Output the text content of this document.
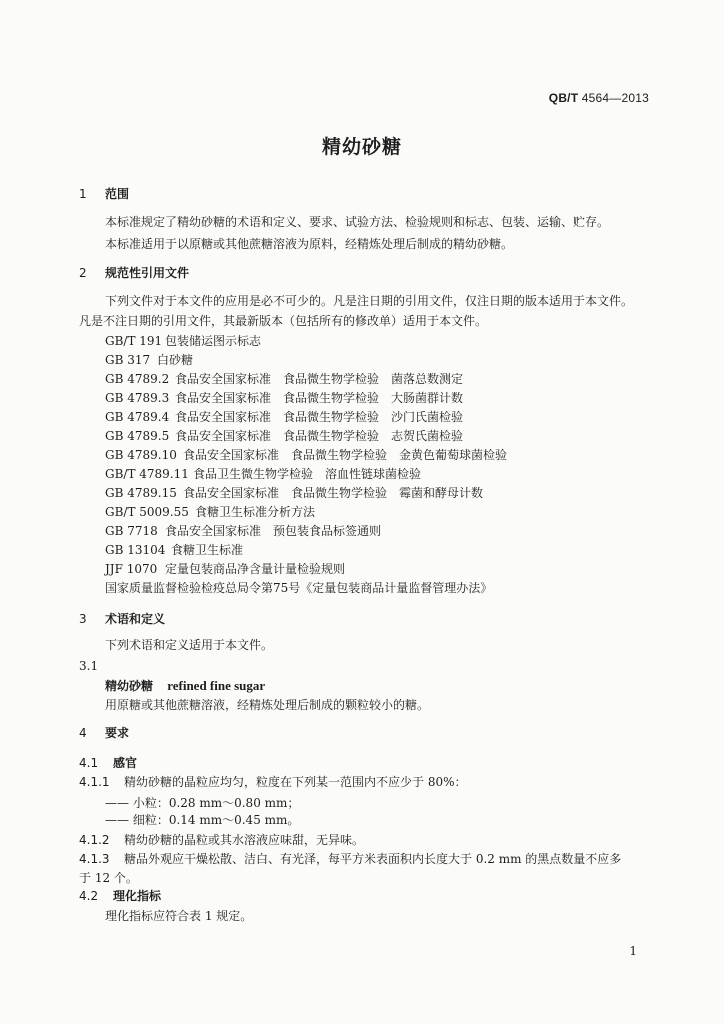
QB/T 4564—2013
精幼砂糖
1 范围
本标准规定了精幼砂糖的术语和定义、要求、试验方法、检验规则和标志、包装、运输、贮存。
本标准适用于以原糖或其他蔗糖溶液为原料，经精炼处理后制成的精幼砂糖。
2 规范性引用文件
下列文件对于本文件的应用是必不可少的。凡是注日期的引用文件，仅注日期的版本适用于本文件。
凡是不注日期的引用文件，其最新版本（包括所有的修改单）适用于本文件。
GB/T 191 包装储运图示标志
GB 317 白砂糖
GB 4789.2 食品安全国家标准　食品微生物学检验　菌落总数测定
GB 4789.3 食品安全国家标准　食品微生物学检验　大肠菌群计数
GB 4789.4 食品安全国家标准　食品微生物学检验　沙门氏菌检验
GB 4789.5 食品安全国家标准　食品微生物学检验　志贺氏菌检验
GB 4789.10 食品安全国家标准　食品微生物学检验　金黄色葡萄球菌检验
GB/T 4789.11 食品卫生微生物学检验　溶血性链球菌检验
GB 4789.15 食品安全国家标准　食品微生物学检验　霉菌和酵母计数
GB/T 5009.55 食糖卫生标准分析方法
GB 7718 食品安全国家标准　预包装食品标签通则
GB 13104 食糖卫生标准
JJF 1070 定量包装商品净含量计量检验规则
国家质量监督检验检疫总局令第75号《定量包装商品计量监督管理办法》
3 术语和定义
下列术语和定义适用于本文件。
3.1
精幼砂糖 refined fine sugar
用原糖或其他蔗糖溶液，经精炼处理后制成的颗粒较小的糖。
4 要求
4.1 感官
4.1.1 精幼砂糖的晶粒应均匀，粒度在下列某一范围内不应少于 80%：
—— 小粒：0.28 mm～0.80 mm；
—— 细粒：0.14 mm～0.45 mm。
4.1.2 精幼砂糖的晶粒或其水溶液应味甜，无异味。
4.1.3 糖品外观应干燥松散、洁白、有光泽，每平方米表面积内长度大于 0.2 mm 的黑点数量不应多
于 12 个。
4.2 理化指标
理化指标应符合表 1 规定。
1
